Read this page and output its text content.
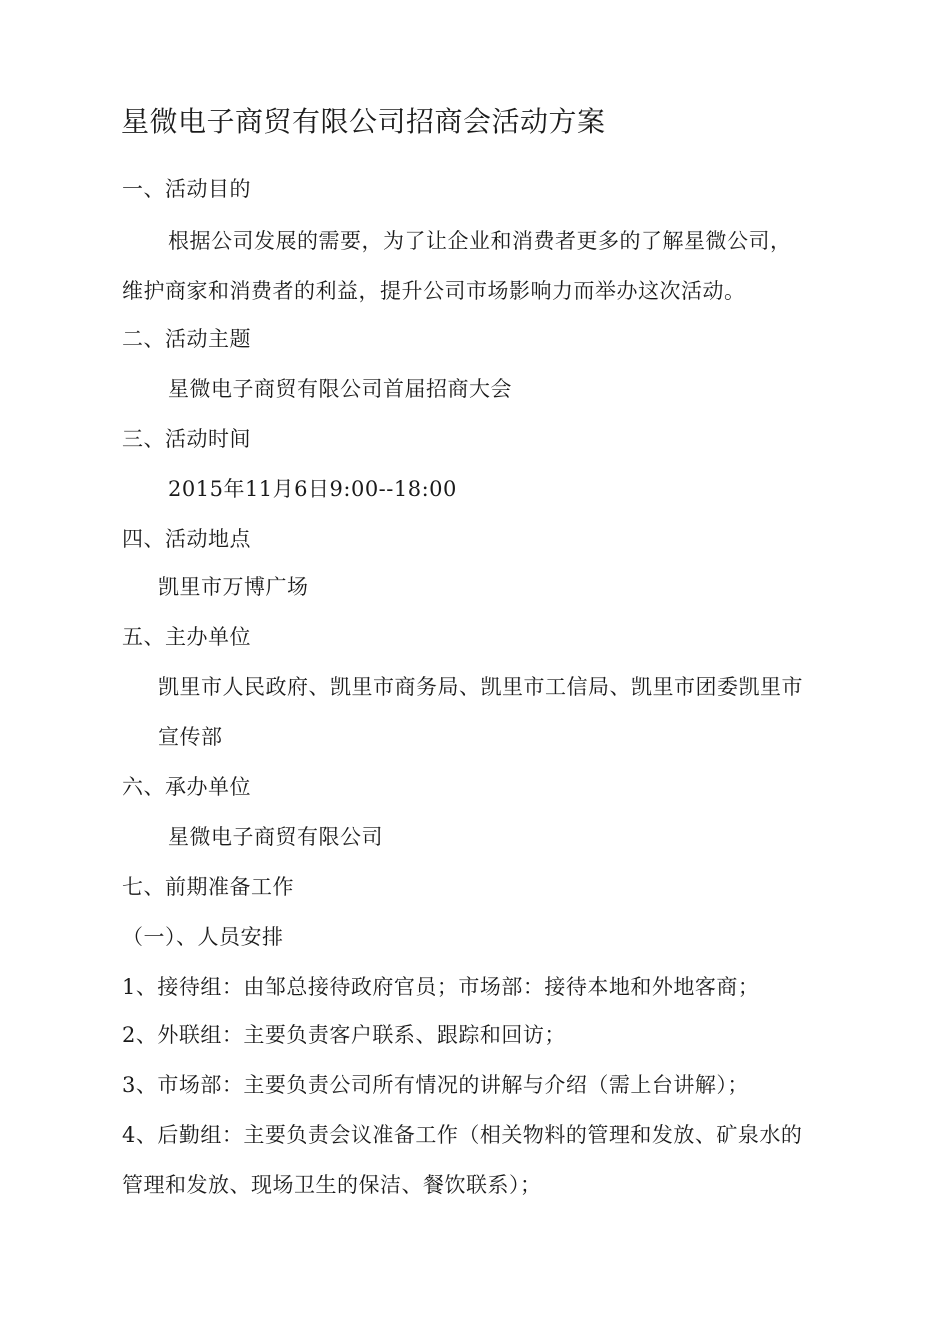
星微电子商贸有限公司招商会活动方案
一、活动目的
根据公司发展的需要，为了让企业和消费者更多的了解星微公司，
维护商家和消费者的利益，提升公司市场影响力而举办这次活动。
二、活动主题
星微电子商贸有限公司首届招商大会
三、活动时间
2015年11月6日9:00--18:00
四、活动地点
凯里市万博广场
五、主办单位
凯里市人民政府、凯里市商务局、凯里市工信局、凯里市团委凯里市
宣传部
六、承办单位
星微电子商贸有限公司
七、前期准备工作
（一）、人员安排
1、接待组：由邹总接待政府官员；市场部：接待本地和外地客商；
2、外联组：主要负责客户联系、跟踪和回访；
3、市场部：主要负责公司所有情况的讲解与介绍（需上台讲解）；
4、后勤组：主要负责会议准备工作（相关物料的管理和发放、矿泉水的
管理和发放、现场卫生的保洁、餐饮联系）；
